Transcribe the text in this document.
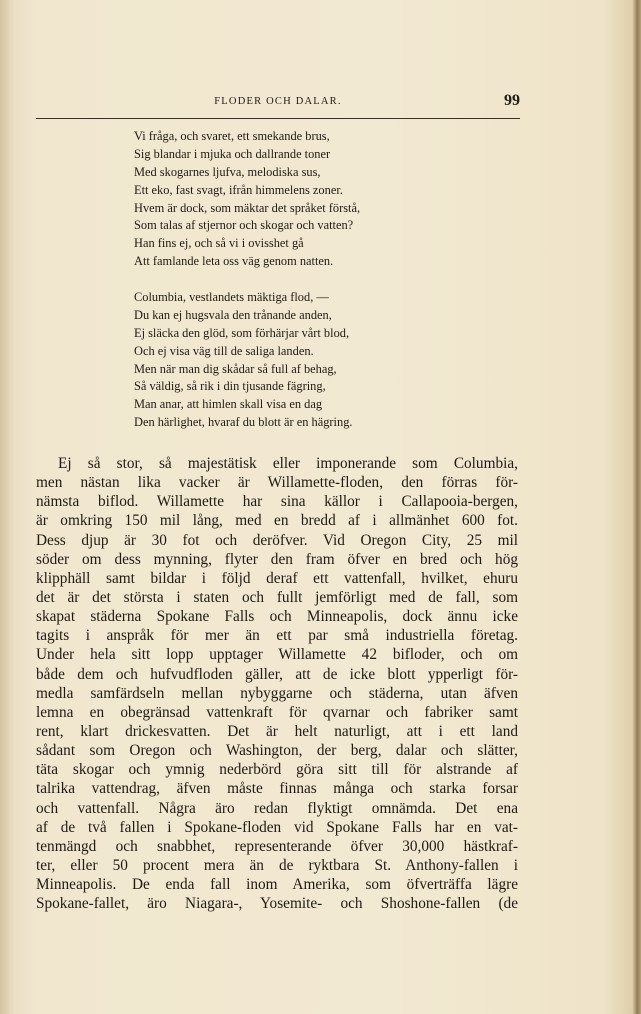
FLODER OCH DALAR.	99
Vi fråga, och svaret, ett smekande brus,
Sig blandar i mjuka och dallrande toner
Med skogarnes ljufva, melodiska sus,
Ett eko, fast svagt, ifrån himmelens zoner.
Hvem är dock, som mäktar det språket förstå,
Som talas af stjernor och skogar och vatten?
Han fins ej, och så vi i ovisshet gå
Att famlande leta oss väg genom natten.
Columbia, vestlandets mäktiga flod, —
Du kan ej hugsvala den trånande anden,
Ej släcka den glöd, som förhärjar vårt blod,
Och ej visa väg till de saliga landen.
Men när man dig skådar så full af behag,
Så väldig, så rik i din tjusande fägring,
Man anar, att himlen skall visa en dag
Den härlighet, hvaraf du blott är en hägring.
Ej så stor, så majestätisk eller imponerande som Columbia,
men nästan lika vacker är Willamette-floden, den förras för-
nämsta biflod. Willamette har sina källor i Callapooia-bergen,
är omkring 150 mil lång, med en bredd af i allmänhet 600 fot.
Dess djup är 30 fot och deröfver. Vid Oregon City, 25 mil
söder om dess mynning, flyter den fram öfver en bred och hög
klipphäll samt bildar i följd deraf ett vattenfall, hvilket, ehuru
det är det största i staten och fullt jemförligt med de fall, som
skapat städerna Spokane Falls och Minneapolis, dock ännu icke
tagits i anspråk för mer än ett par små industriella företag.
Under hela sitt lopp upptager Willamette 42 bifloder, och om
både dem och hufvudfloden gäller, att de icke blott ypperligt för-
medla samfärdseln mellan nybyggarne och städerna, utan äfven
lemna en obegränsad vattenkraft för qvarnar och fabriker samt
rent, klart drickesvatten. Det är helt naturligt, att i ett land
sådant som Oregon och Washington, der berg, dalar och slätter,
täta skogar och ymnig nederbörd göra sitt till för alstrande af
talrika vattendrag, äfven måste finnas många och starka forsar
och vattenfall. Några äro redan flyktigt omnämda. Det ena
af de två fallen i Spokane-floden vid Spokane Falls har en vat-
tenmängd och snabbhet, representerande öfver 30,000 hästkraf-
ter, eller 50 procent mera än de ryktbara St. Anthony-fallen i
Minneapolis. De enda fall inom Amerika, som öfverträffa lägre
Spokane-fallet, äro Niagara-, Yosemite- och Shoshone-fallen (de
